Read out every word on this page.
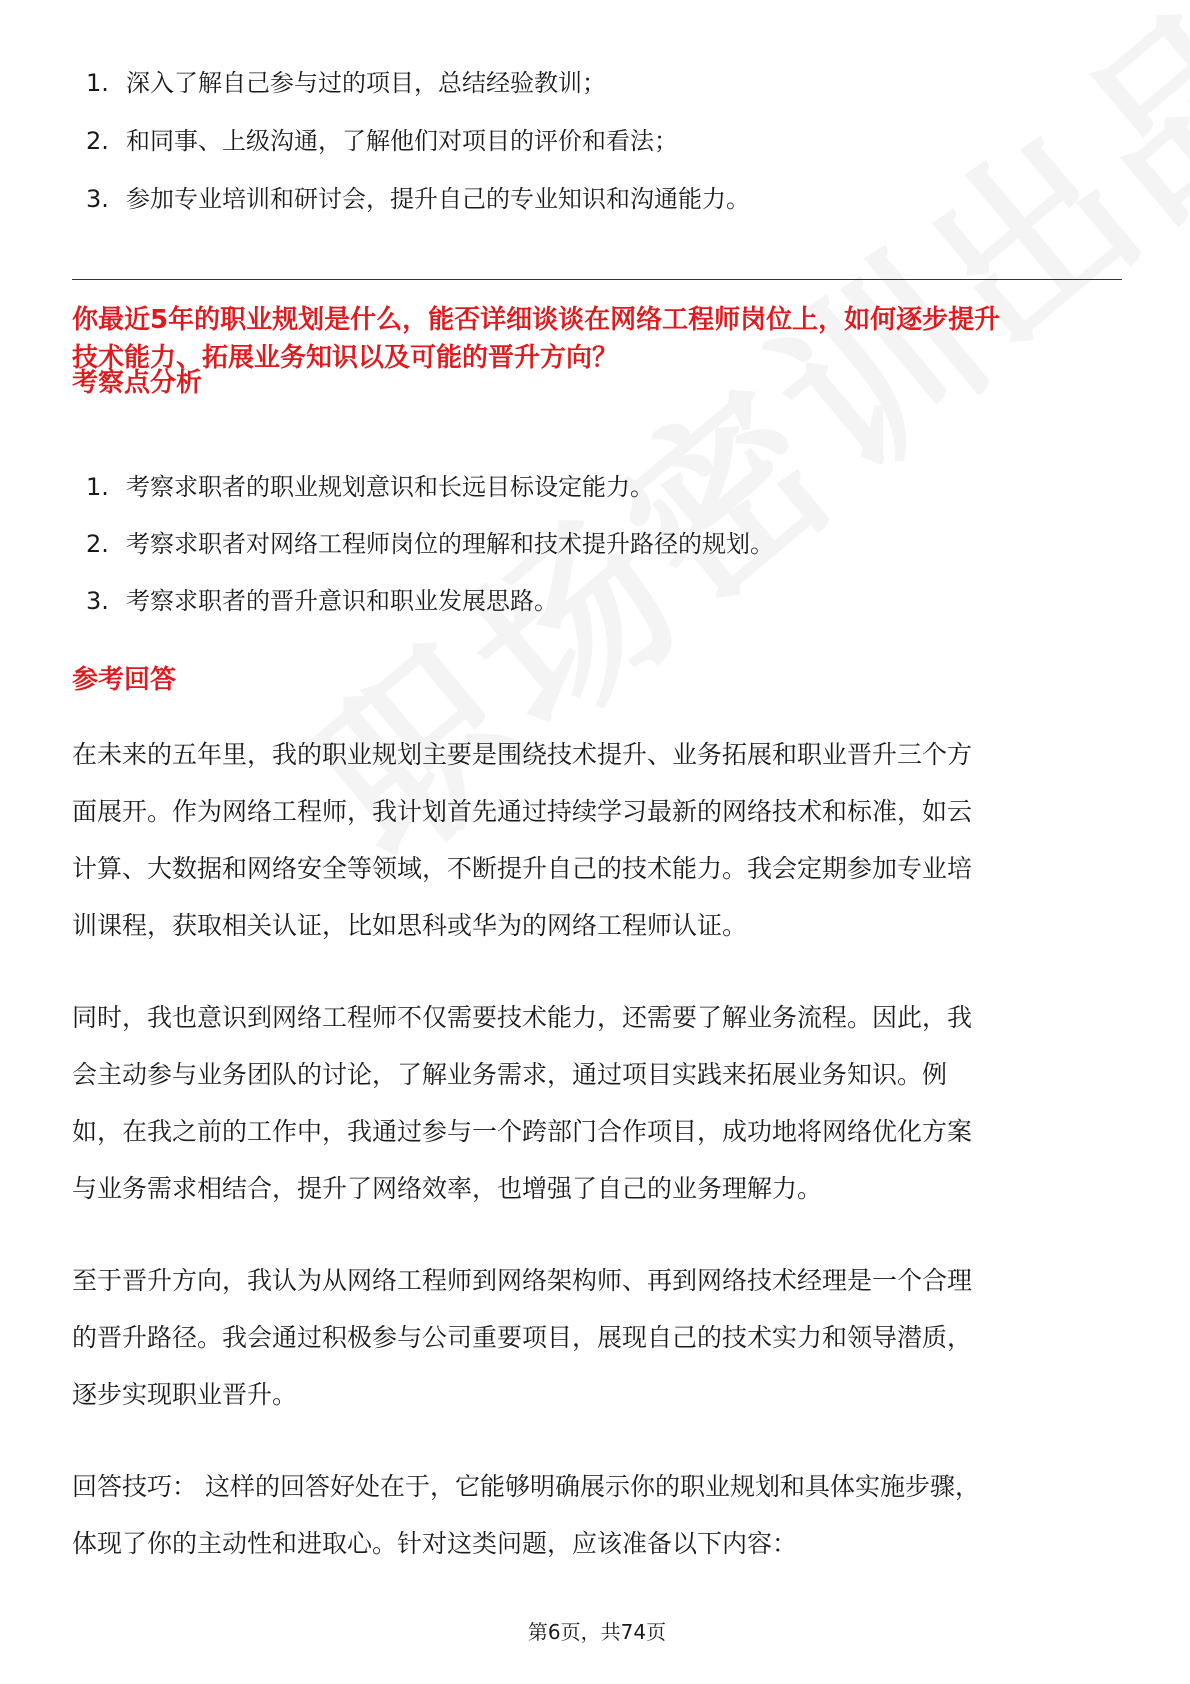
1. 深入了解自己参与过的项目，总结经验教训；
2. 和同事、上级沟通，了解他们对项目的评价和看法；
3. 参加专业培训和研讨会，提升自己的专业知识和沟通能力。
你最近5年的职业规划是什么，能否详细谈谈在网络工程师岗位上，如何逐步提升
技术能力、拓展业务知识以及可能的晋升方向？
考察点分析
1. 考察求职者的职业规划意识和长远目标设定能力。
2. 考察求职者对网络工程师岗位的理解和技术提升路径的规划。
3. 考察求职者的晋升意识和职业发展思路。
参考回答

在未来的五年里，我的职业规划主要是围绕技术提升、业务拓展和职业晋升三个方
面展开。作为网络工程师，我计划首先通过持续学习最新的网络技术和标准，如云
计算、大数据和网络安全等领域，不断提升自己的技术能力。我会定期参加专业培
训课程，获取相关认证，比如思科或华为的网络工程师认证。

同时，我也意识到网络工程师不仅需要技术能力，还需要了解业务流程。因此，我
会主动参与业务团队的讨论，了解业务需求，通过项目实践来拓展业务知识。例
如，在我之前的工作中，我通过参与一个跨部门合作项目，成功地将网络优化方案
与业务需求相结合，提升了网络效率，也增强了自己的业务理解力。

至于晋升方向，我认为从网络工程师到网络架构师、再到网络技术经理是一个合理
的晋升路径。我会通过积极参与公司重要项目，展现自己的技术实力和领导潜质，
逐步实现职业晋升。

回答技巧： 这样的回答好处在于，它能够明确展示你的职业规划和具体实施步骤，
体现了你的主动性和进取心。针对这类问题，应该准备以下内容：

第6页，共74页
